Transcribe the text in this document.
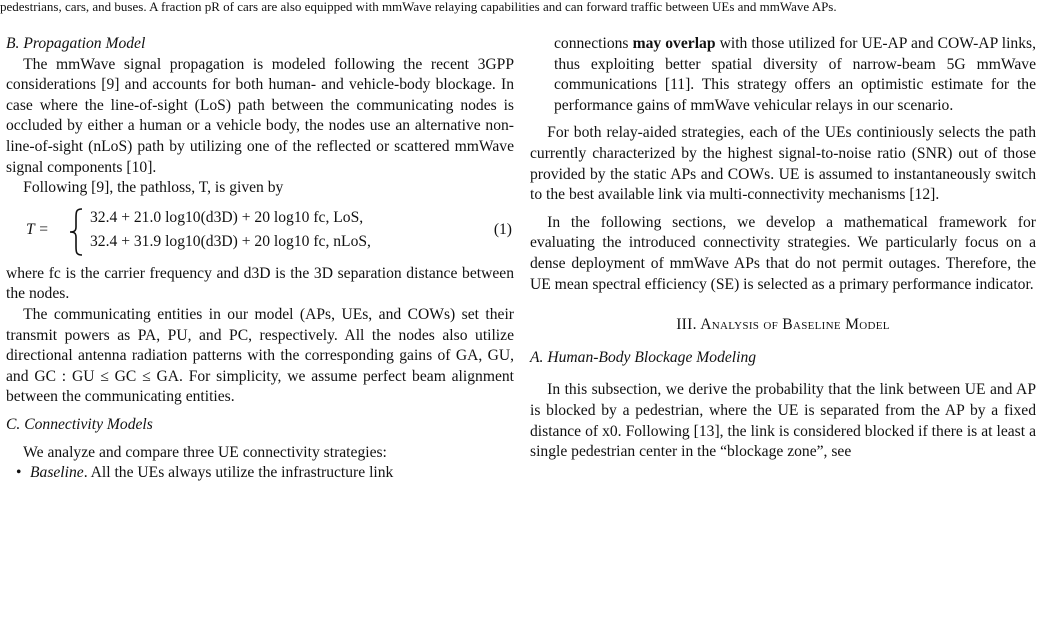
pedestrians, cars, and buses. A fraction pR of cars are also equipped with mmWave relaying capabilities and can forward traffic between UEs and mmWave APs.
B. Propagation Model

The mmWave signal propagation is modeled following the recent 3GPP considerations [9] and accounts for both human- and vehicle-body blockage. In case where the line-of-sight (LoS) path between the communicating nodes is occluded by either a human or a vehicle body, the nodes use an alternative non-line-of-sight (nLoS) path by utilizing one of the reflected or scattered mmWave signal components [10].

Following [9], the pathloss, T, is given by

T =
32.4 + 21.0 log10(d3D) + 20 log10 fc, LoS,
32.4 + 31.9 log10(d3D) + 20 log10 fc, nLoS,
(1)

where fc is the carrier frequency and d3D is the 3D separation distance between the nodes.

The communicating entities in our model (APs, UEs, and COWs) set their transmit powers as PA, PU, and PC, respectively. All the nodes also utilize directional antenna radiation patterns with the corresponding gains of GA, GU, and GC : GU ≤ GC ≤ GA. For simplicity, we assume perfect beam alignment between the communicating entities.

C. Connectivity Models

We analyze and compare three UE connectivity strategies:

• Baseline. All the UEs always utilize the infrastructure link

connections may overlap with those utilized for UE-AP and COW-AP links, thus exploiting better spatial diversity of narrow-beam 5G mmWave communications [11]. This strategy offers an optimistic estimate for the performance gains of mmWave vehicular relays in our scenario.

For both relay-aided strategies, each of the UEs continiously selects the path currently characterized by the highest signal-to-noise ratio (SNR) out of those provided by the static APs and COWs. UE is assumed to instantaneously switch to the best available link via multi-connectivity mechanisms [12].

In the following sections, we develop a mathematical framework for evaluating the introduced connectivity strategies. We particularly focus on a dense deployment of mmWave APs that do not permit outages. Therefore, the UE mean spectral efficiency (SE) is selected as a primary performance indicator.

III. Analysis of Baseline Model
A. Human-Body Blockage Modeling

In this subsection, we derive the probability that the link between UE and AP is blocked by a pedestrian, where the UE is separated from the AP by a fixed distance of x0. Following [13], the link is considered blocked if there is at least a single pedestrian center in the “blockage zone”, see
